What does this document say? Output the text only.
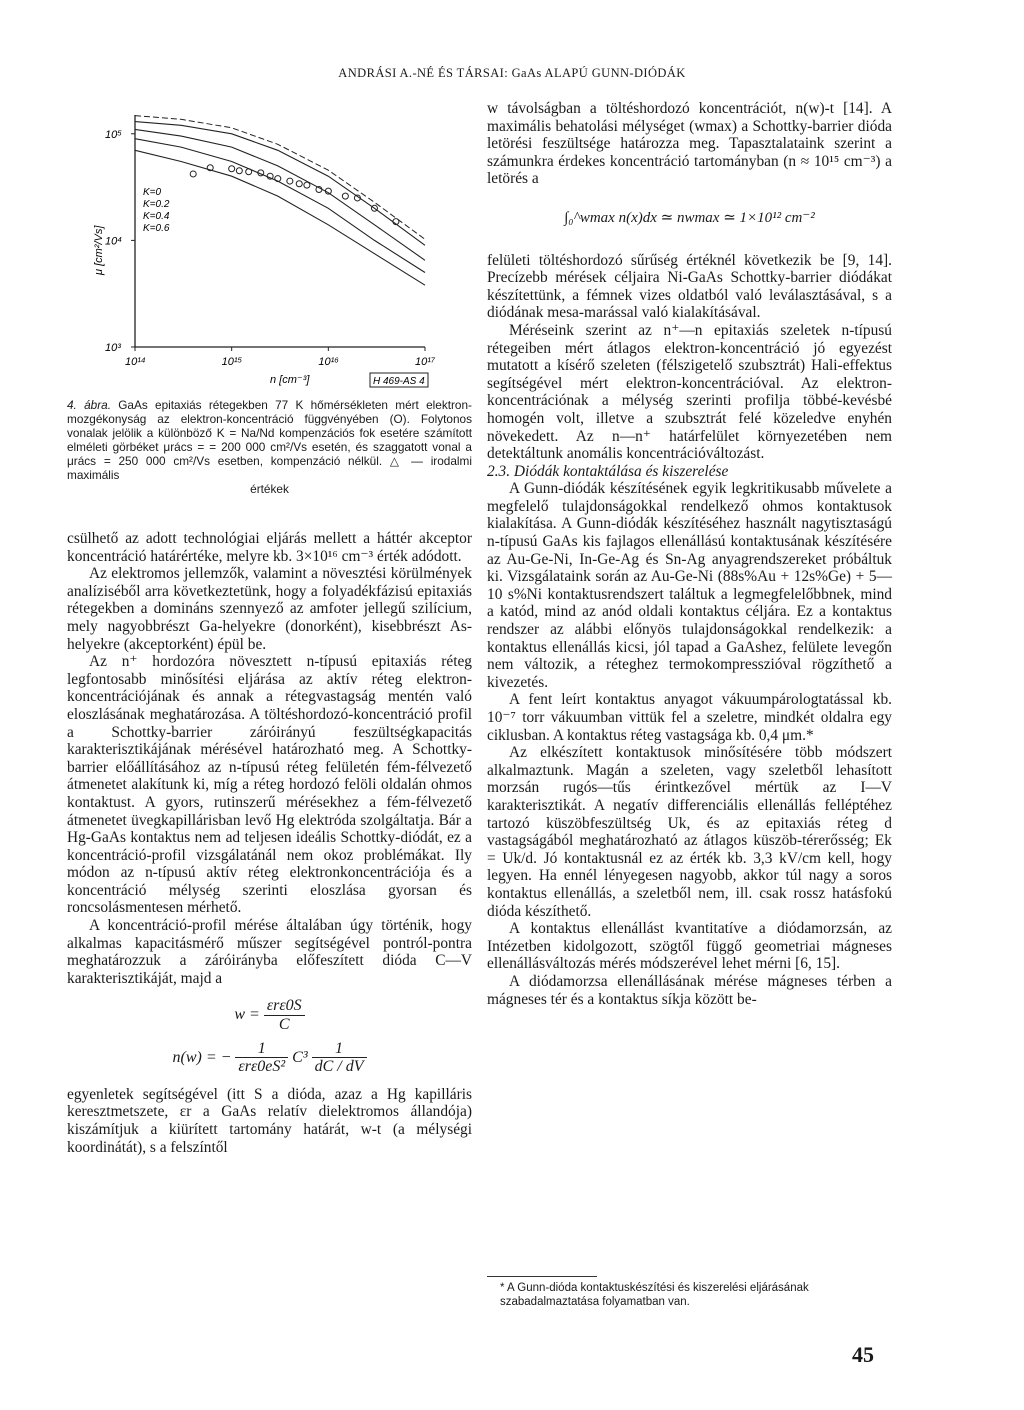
ANDRÁSI A.-NÉ ÉS TÁRSAI: GaAs ALAPÚ GUNN-DIÓDÁK
10⁵
10⁴
10³
10¹⁴	10¹⁵	10¹⁶	10¹⁷
μ [cm²/Vs]
n [cm⁻³]	H 469-AS 4
K=0
K=0.2
K=0.4
K=0.6
4. ábra. GaAs epitaxiás rétegekben 77 K hőmérsékleten mért elektron-mozgékonyság az elektron-koncentráció függvényében (O). Folytonos vonalak jelölik a különböző K = Na/Nd kompenzációs fok esetére számított elméleti görbéket μrács = = 200 000 cm²/Vs esetén, és szaggatott vonal a μrács = 250 000 cm²/Vs esetben, kompenzáció nélkül. △ — irodalmi maximális
értékek

csülhető az adott technológiai eljárás mellett a háttér akceptor koncentráció határértéke, melyre kb. 3×10¹⁶ cm⁻³ érték adódott.

Az elektromos jellemzők, valamint a növesztési körülmények analíziséből arra következtetünk, hogy a folyadékfázisú epitaxiás rétegekben a domináns szennyező az amfoter jellegű szilícium, mely nagyobbrészt Ga-helyekre (donorként), kisebbrészt As-helyekre (akceptorként) épül be.

Az n⁺ hordozóra növesztett n-típusú epitaxiás réteg legfontosabb minősítési eljárása az aktív réteg elektron-koncentrációjának és annak a rétegvastagság mentén való eloszlásának meghatározása. A töltéshordozó-koncentráció profil a Schottky-barrier záróirányú feszültségkapacitás karakterisztikájának mérésével határozható meg. A Schottky-barrier előállításához az n-típusú réteg felületén fém-félvezető átmenetet alakítunk ki, míg a réteg hordozó felöli oldalán ohmos kontaktust. A gyors, rutinszerű mérésekhez a fém-félvezető átmenetet üvegkapillárisban levő Hg elektróda szolgáltatja. Bár a Hg-GaAs kontaktus nem ad teljesen ideális Schottky-diódát, ez a koncentráció-profil vizsgálatánál nem okoz problémákat. Ily módon az n-típusú aktív réteg elektronkoncentrációja és a koncentráció mélység szerinti eloszlása gyorsan és roncsolásmentesen mérhető.

A koncentráció-profil mérése általában úgy történik, hogy alkalmas kapacitásmérő műszer segítségével pontról-pontra meghatározzuk a záróirányba előfeszített dióda C—V karakterisztikáját, majd a

$w = \frac{\text{εrε0S}}{C}$
n(w) = − $\frac{1}{\text{εrε0eS²}} C^3 \frac{1}{dC / dV}$

egyenletek segítségével (itt S a dióda, azaz a Hg kapilláris keresztmetszete, εr a GaAs relatív dielektromos állandója) kiszámítjuk a kiürített tartomány határát, w-t (a mélységi koordinátát), s a felszíntől

w távolságban a töltéshordozó koncentrációt, n(w)-t [14]. A maximális behatolási mélységet (wmax) a Schottky-barrier dióda letörési feszültsége határozza meg. Tapasztalataink szerint a számunkra érdekes koncentráció tartományban (n ≈ 10¹⁵ cm⁻³) a letörés a

∫₀^wmax n(x)dx ≃ nwmax ≃ 1×10¹² cm⁻²

felületi töltéshordozó sűrűség értéknél következik be [9, 14]. Precízebb mérések céljaira Ni-GaAs Schottky-barrier diódákat készítettünk, a fémnek vizes oldatból való leválasztásával, s a diódának mesa-marással való kialakításával.

Méréseink szerint az n⁺—n epitaxiás szeletek n-típusú rétegeiben mért átlagos elektron-koncentráció jó egyezést mutatott a kísérő szeleten (félszigetelő szubsztrát) Hali-effektus segítségével mért elektron-koncentrációval. Az elektron-koncentrációnak a mélység szerinti profilja többé-kevésbé homogén volt, illetve a szubsztrát felé közeledve enyhén növekedett. Az n—n⁺ határfelület környezetében nem detektáltunk anomális koncentrációváltozást.

2.3. Diódák kontaktálása és kiszerelése

A Gunn-diódák készítésének egyik legkritikusabb művelete a megfelelő tulajdonságokkal rendelkező ohmos kontaktusok kialakítása. A Gunn-diódák készítéséhez használt nagytisztaságú n-típusú GaAs kis fajlagos ellenállású kontaktusának készítésére az Au-Ge-Ni, In-Ge-Ag és Sn-Ag anyagrendszereket próbáltuk ki. Vizsgálataink során az Au-Ge-Ni (88s%Au + 12s%Ge) + 5—10 s%Ni kontaktusrendszert találtuk a legmegfelelőbbnek, mind a katód, mind az anód oldali kontaktus céljára. Ez a kontaktus rendszer az alábbi előnyös tulajdonságokkal rendelkezik: a kontaktus ellenállás kicsi, jól tapad a GaAshez, felülete levegőn nem változik, a réteghez termokompresszióval rögzíthető a kivezetés.

A fent leírt kontaktus anyagot vákuumpárologtatással kb. 10⁻⁷ torr vákuumban vittük fel a szeletre, mindkét oldalra egy ciklusban. A kontaktus réteg vastagsága kb. 0,4 μm.*

Az elkészített kontaktusok minősítésére több módszert alkalmaztunk. Magán a szeleten, vagy szeletből lehasított morzsán rugós—tűs érintkezővel mértük az I—V karakterisztikát. A negatív differenciális ellenállás felléptéhez tartozó küszöbfeszültség Uk, és az epitaxiás réteg d vastagságából meghatározható az átlagos küszöb-térerősség; Ek = Uk/d. Jó kontaktusnál ez az érték kb. 3,3 kV/cm kell, hogy legyen. Ha ennél lényegesen nagyobb, akkor túl nagy a soros kontaktus ellenállás, a szeletből nem, ill. csak rossz hatásfokú dióda készíthető.

A kontaktus ellenállást kvantitatíve a diódamorzsán, az Intézetben kidolgozott, szögtől függő geometriai mágneses ellenállásváltozás mérés módszerével lehet mérni [6, 15].

A diódamorzsa ellenállásának mérése mágneses térben a mágneses tér és a kontaktus síkja között be-

* A Gunn-dióda kontaktuskészítési és kiszerelési eljárásának szabadalmaztatása folyamatban van.
45
